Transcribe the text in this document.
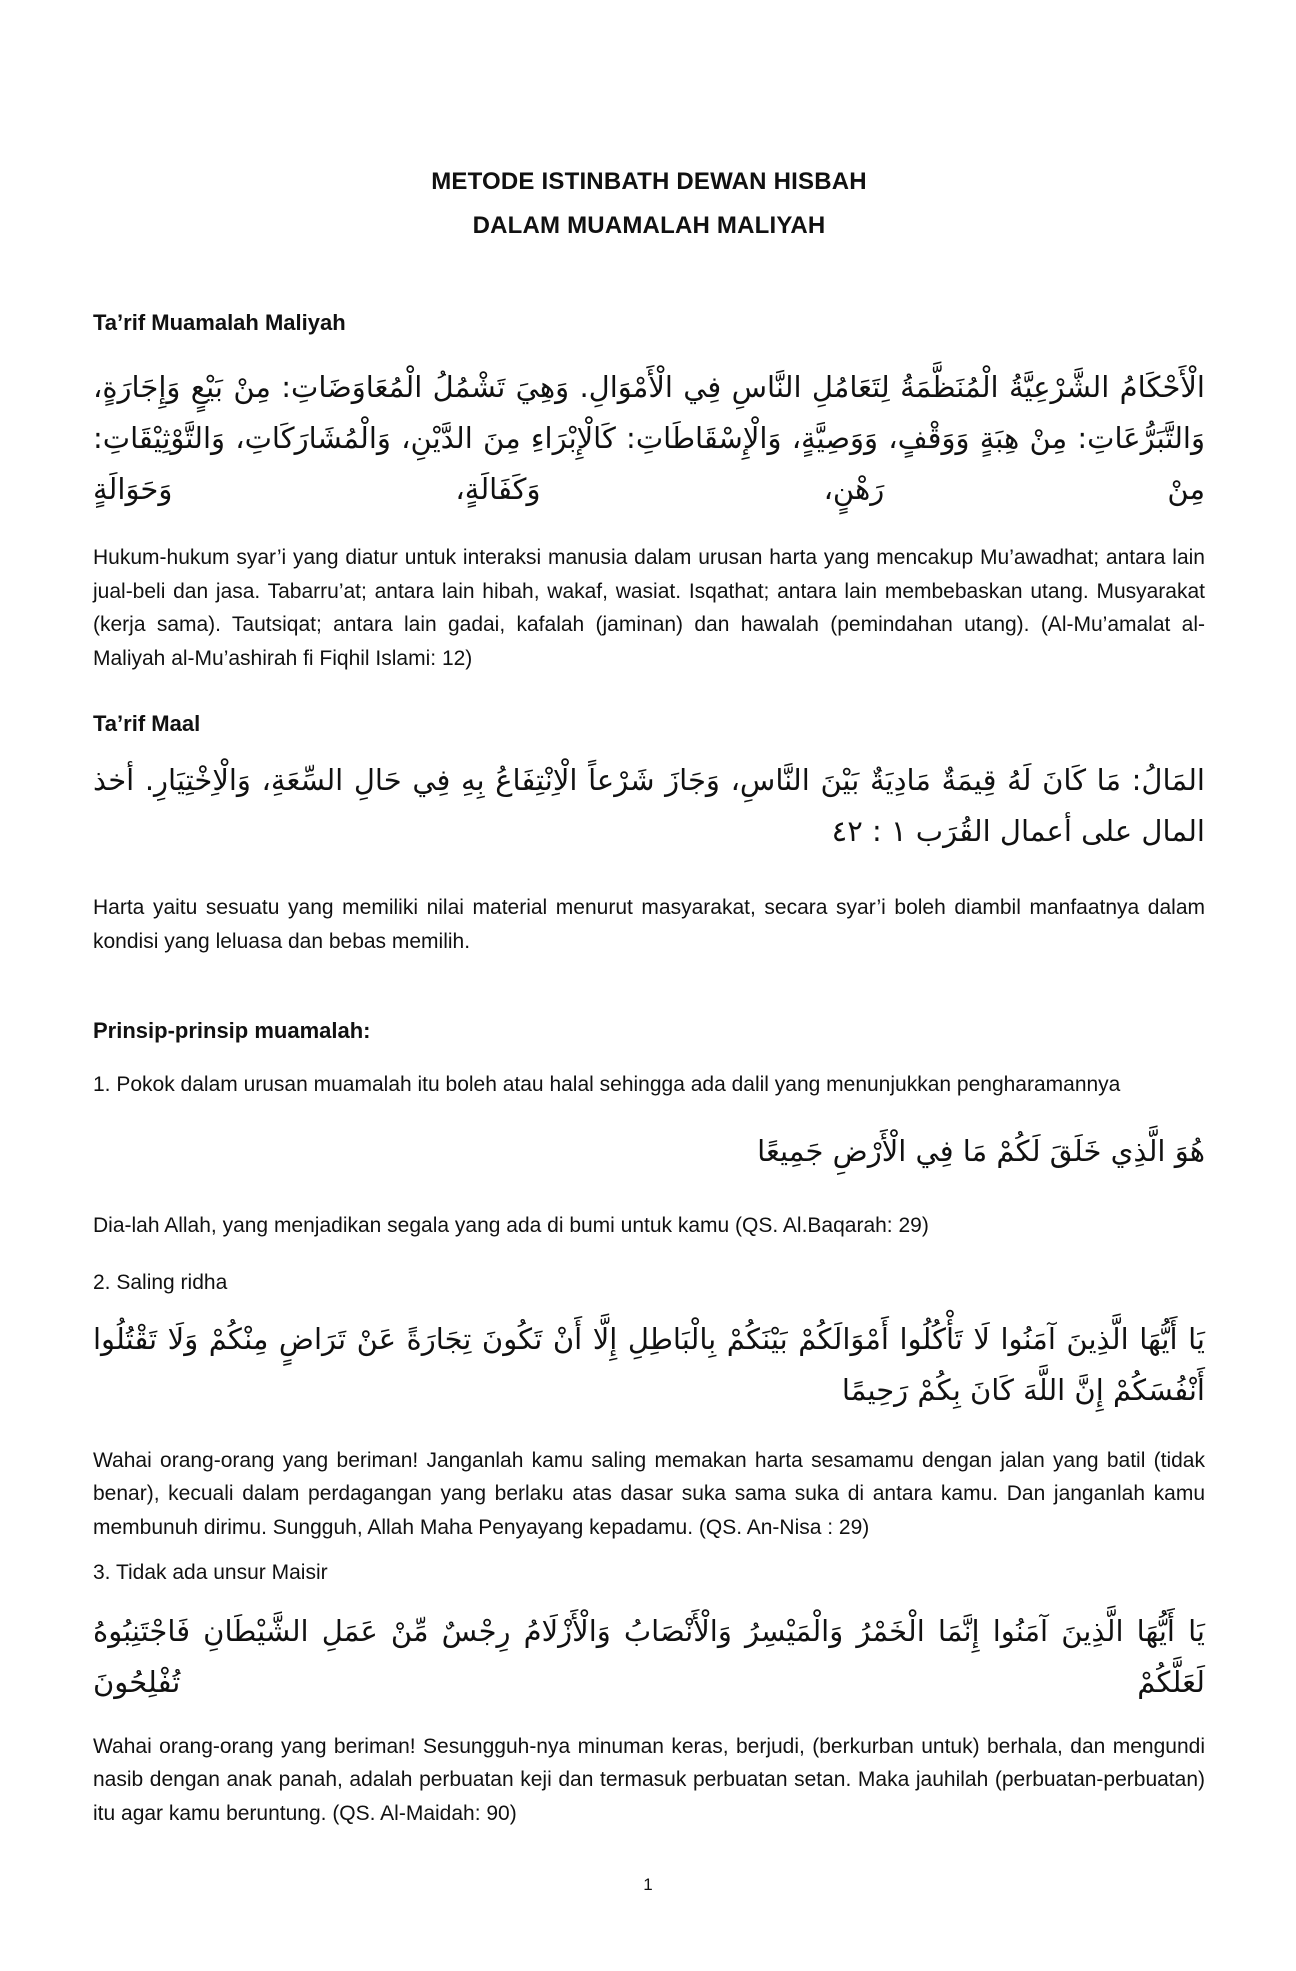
METODE ISTINBATH DEWAN HISBAH
DALAM MUAMALAH MALIYAH
Ta’rif Muamalah Maliyah
الْأَحْكَامُ الشَّرْعِيَّةُ الْمُنَظَّمَةُ لِتَعَامُلِ النَّاسِ فِي الْأَمْوَالِ. وَهِيَ تَشْمُلُ الْمُعَاوَضَاتِ: مِنْ بَيْعٍ وَإِجَارَةٍ، وَالتَّبَرُّعَاتِ: مِنْ هِبَةٍ وَوَقْفٍ، وَوَصِيَّةٍ، وَالْإِسْقَاطَاتِ: كَالْإِبْرَاءِ مِنَ الدَّيْنِ، وَالْمُشَارَكَاتِ، وَالتَّوْثِيْقَاتِ: مِنْ رَهْنٍ، وَكَفَالَةٍ، وَحَوَالَةٍ
Hukum-hukum syar’i yang diatur untuk interaksi manusia dalam urusan harta yang mencakup Mu’awadhat; antara lain jual-beli dan jasa. Tabarru’at; antara lain hibah, wakaf, wasiat. Isqathat; antara lain membebaskan utang. Musyarakat (kerja sama). Tautsiqat; antara lain gadai, kafalah (jaminan) dan hawalah (pemindahan utang). (Al-Mu’amalat al-Maliyah al-Mu’ashirah fi Fiqhil Islami: 12)
Ta’rif Maal
المَالُ: مَا كَانَ لَهُ قِيمَةٌ مَادِيَةٌ بَيْنَ النَّاسِ، وَجَازَ شَرْعاً الْاِنْتِفَاعُ بِهِ فِي حَالِ السِّعَةِ، وَالْاِخْتِيَارِ. أخذ المال على أعمال القُرَب ١ : ٤٢
Harta yaitu sesuatu yang memiliki nilai material menurut masyarakat, secara syar’i boleh diambil manfaatnya dalam kondisi yang leluasa dan bebas memilih.
Prinsip-prinsip muamalah:
1. Pokok dalam urusan muamalah itu boleh atau halal sehingga ada dalil yang menunjukkan pengharamannya
هُوَ الَّذِي خَلَقَ لَكُمْ مَا فِي الْأَرْضِ جَمِيعًا
Dia-lah Allah, yang menjadikan segala yang ada di bumi untuk kamu (QS. Al.Baqarah: 29)
2. Saling ridha
يَا أَيُّهَا الَّذِينَ آمَنُوا لَا تَأْكُلُوا أَمْوَالَكُمْ بَيْنَكُمْ بِالْبَاطِلِ إِلَّا أَنْ تَكُونَ تِجَارَةً عَنْ تَرَاضٍ مِنْكُمْ وَلَا تَقْتُلُوا أَنْفُسَكُمْ إِنَّ اللَّهَ كَانَ بِكُمْ رَحِيمًا
Wahai orang-orang yang beriman! Janganlah kamu saling memakan harta sesamamu dengan jalan yang batil (tidak benar), kecuali dalam perdagangan yang berlaku atas dasar suka sama suka di antara kamu. Dan janganlah kamu membunuh dirimu. Sungguh, Allah Maha Penyayang kepadamu. (QS. An-Nisa : 29)
3. Tidak ada unsur Maisir
يَا أَيُّهَا الَّذِينَ آمَنُوا إِنَّمَا الْخَمْرُ وَالْمَيْسِرُ وَالْأَنْصَابُ وَالْأَزْلَامُ رِجْسٌ مِّنْ عَمَلِ الشَّيْطَانِ فَاجْتَنِبُوهُ لَعَلَّكُمْ تُفْلِحُونَ
Wahai orang-orang yang beriman! Sesungguh-nya minuman keras, berjudi, (berkurban untuk) berhala, dan mengundi nasib dengan anak panah, adalah perbuatan keji dan termasuk perbuatan setan. Maka jauhilah (perbuatan-perbuatan) itu agar kamu beruntung. (QS. Al-Maidah: 90)
1
